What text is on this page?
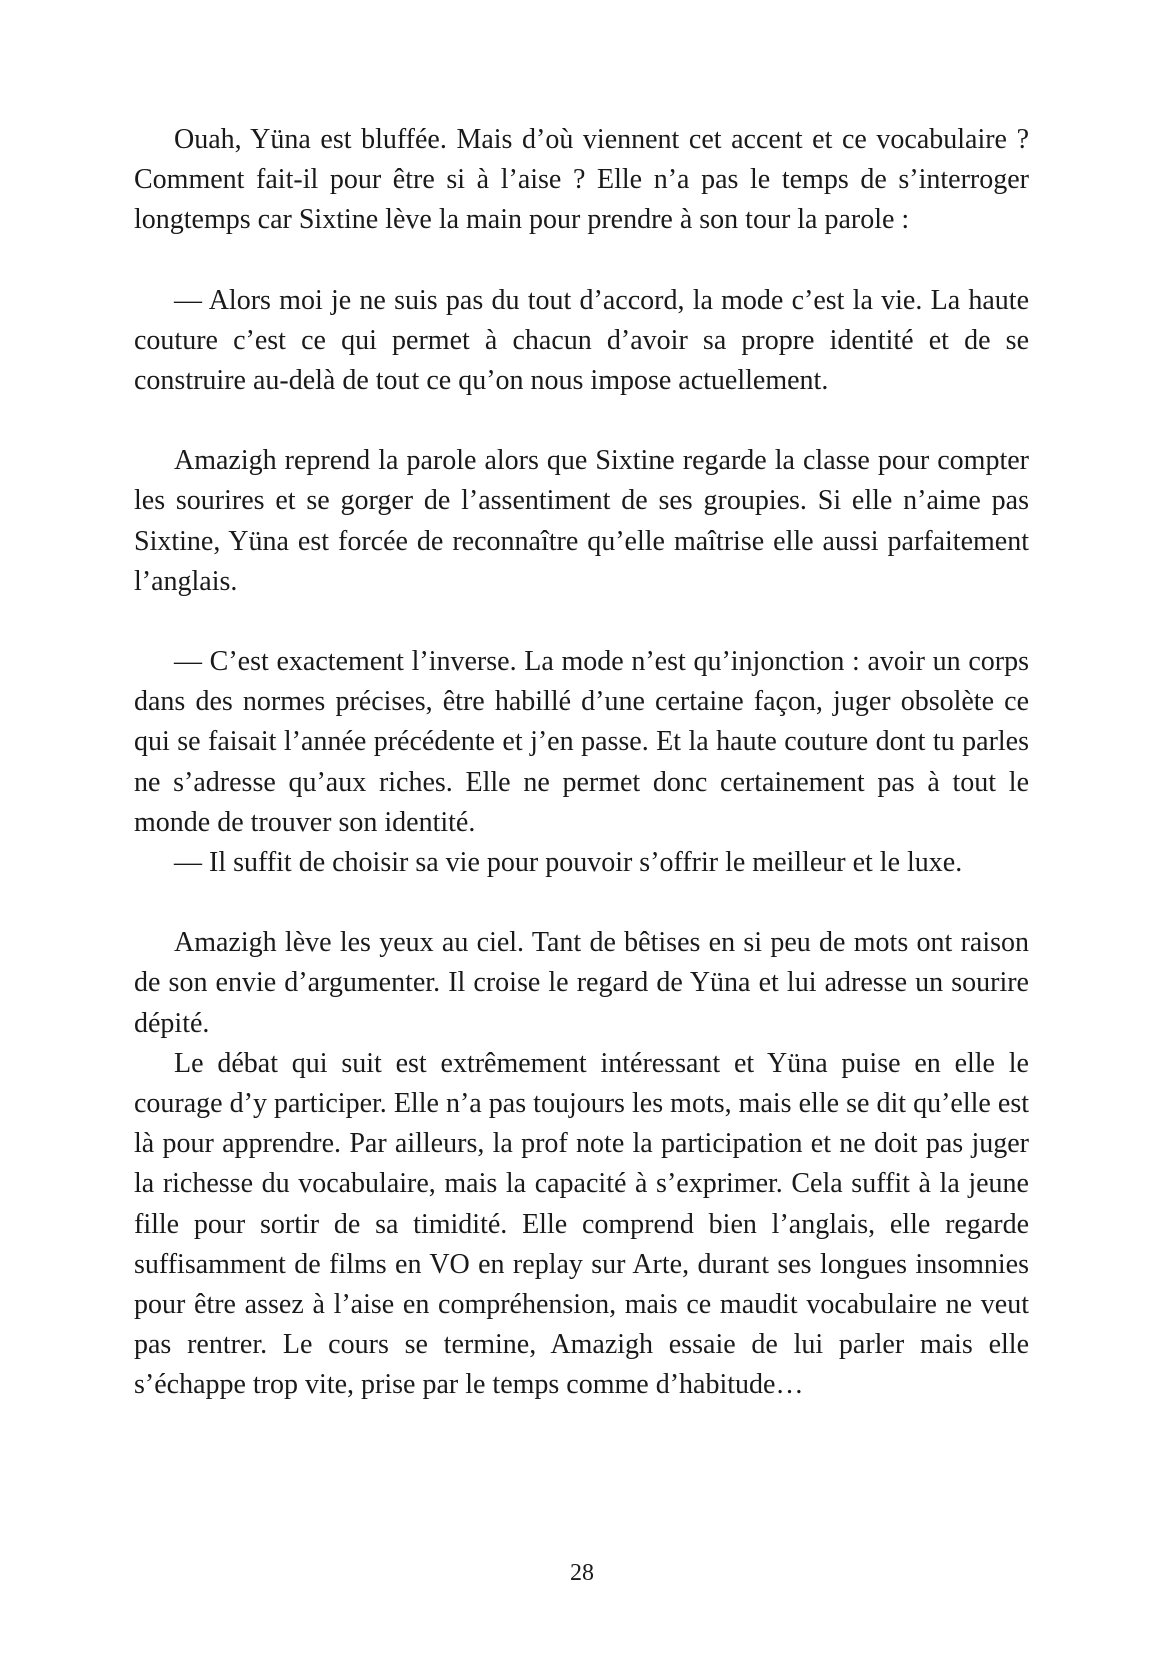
Ouah, Yüna est bluffée. Mais d’où viennent cet accent et ce vocabulaire ? Comment fait-il pour être si à l’aise ? Elle n’a pas le temps de s’interroger longtemps car Sixtine lève la main pour prendre à son tour la parole :

— Alors moi je ne suis pas du tout d’accord, la mode c’est la vie. La haute couture c’est ce qui permet à chacun d’avoir sa propre identité et de se construire au-delà de tout ce qu’on nous impose actuellement.

Amazigh reprend la parole alors que Sixtine regarde la classe pour compter les sourires et se gorger de l’assentiment de ses groupies. Si elle n’aime pas Sixtine, Yüna est forcée de reconnaître qu’elle maîtrise elle aussi parfaitement l’anglais.

— C’est exactement l’inverse. La mode n’est qu’injonction : avoir un corps dans des normes précises, être habillé d’une certaine façon, juger obsolète ce qui se faisait l’année précédente et j’en passe. Et la haute couture dont tu parles ne s’adresse qu’aux riches. Elle ne permet donc certainement pas à tout le monde de trouver son identité.

— Il suffit de choisir sa vie pour pouvoir s’offrir le meilleur et le luxe.

Amazigh lève les yeux au ciel. Tant de bêtises en si peu de mots ont raison de son envie d’argumenter. Il croise le regard de Yüna et lui adresse un sourire dépité.

Le débat qui suit est extrêmement intéressant et Yüna puise en elle le courage d’y participer. Elle n’a pas toujours les mots, mais elle se dit qu’elle est là pour apprendre. Par ailleurs, la prof note la participation et ne doit pas juger la richesse du vocabulaire, mais la capacité à s’exprimer. Cela suffit à la jeune fille pour sortir de sa timidité. Elle comprend bien l’anglais, elle regarde suffisamment de films en VO en replay sur Arte, durant ses longues insomnies pour être assez à l’aise en compréhension, mais ce maudit vocabulaire ne veut pas rentrer. Le cours se termine, Amazigh essaie de lui parler mais elle s’échappe trop vite, prise par le temps comme d’habitude…

28
